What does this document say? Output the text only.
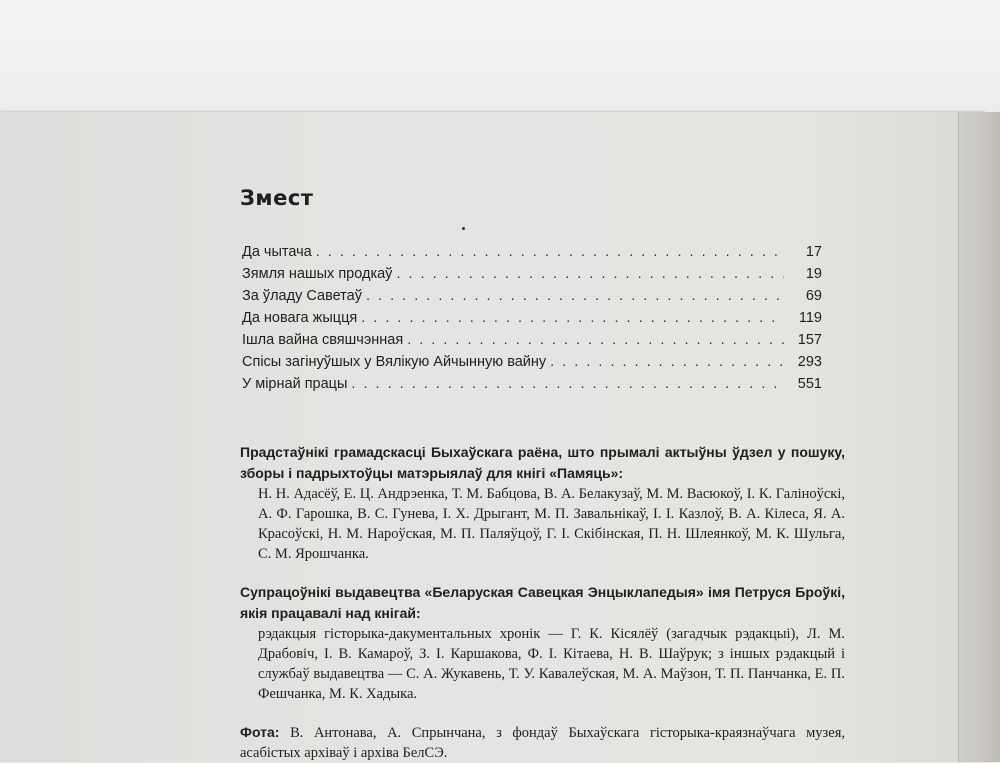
Змест
Да чытача . . .	17
Зямля нашых продкаў . . .	19
За ўладу Саветаў . . .	69
Да новага жыцця . . .	119
Ішла вайна свяшчэнная . . .	157
Спісы загінуўшых у Вялікую Айчынную вайну . . .	293
У мірнай працы . . .	551

Прадстаўнікі грамадскасці Быхаўскага раёна, што прымалі актыўны ўдзел у пошуку, зборы і падрыхтоўцы матэрыялаў для кнігі «Памяць»:

Н. Н. Адасёў, Е. Ц. Андрэенка, Т. М. Бабцова, В. А. Белакузаў, М. М. Васюкоў, І. К. Галіноўскі, А. Ф. Гарошка, В. С. Гунева, І. Х. Дрыгант, М. П. Завальнікаў, І. І. Казлоў, В. А. Кілеса, Я. А. Красоўскі, Н. М. Нароўская, М. П. Паляўцоў, Г. І. Скібінская, П. Н. Шлеянкоў, М. К. Шульга, С. М. Ярошчанка.

Супрацоўнікі выдавецтва «Беларуская Савецкая Энцыклапедыя» імя Петруся Броўкі, якія працавалі над кнігай:

рэдакцыя гісторыка-дакументальных хронік — Г. К. Кісялёў (загадчык рэдакцыі), Л. М. Драбовіч, І. В. Камароў, З. І. Каршакова, Ф. І. Кітаева, Н. В. Шаўрук; з іншых рэдакцый і службаў выдавецтва — С. А. Жукавень, Т. У. Кавалеўская, М. А. Маўзон, Т. П. Панчанка, Е. П. Фешчанка, М. К. Хадыка.

Фота: В. Антонава, А. Спрынчана, з фондаў Быхаўскага гісторыка-краязнаўчага музея, асабістых архіваў і архіва БелСЭ.
